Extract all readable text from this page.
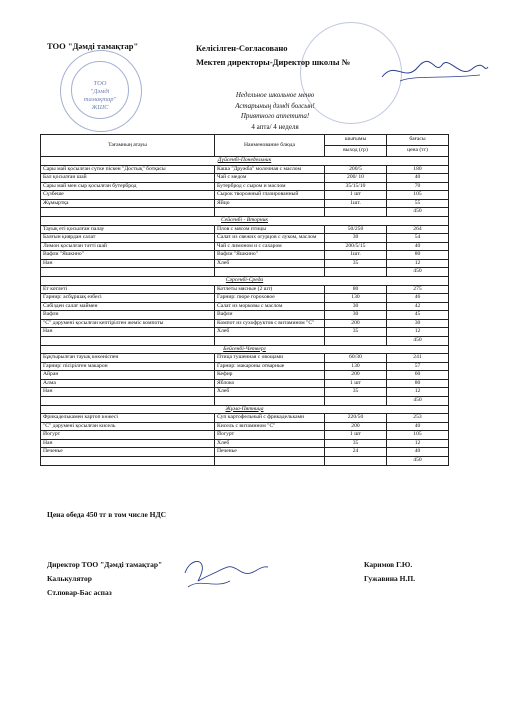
ТОО
"Дәмді
тамақтар"
ЖШС
ТОО "Дәмді тамақтар"	Келісілген-Согласовано
Мектеп директоры-Директор школы №
Недельное школьное меню
Астарының дәмді болсын!
Приятного аппетита!
4 апта/ 4 неделя
Тағамның атауы	Наименование блюда	шығымы	бағасы
		выход (гр)	цена (тг)
Дүйсенбі-Понедельник			
Сары май қосылған сүтке піскен "Достық" ботқасы	Каша "Дружба" молочная с маслом	200/5	180
Бал қосылған шай	Чай с медом	200/ 10	40
Сары май мен сыр қосылған бутерброд	Бутерброд с сыром и маслом	35/15/10	70
Сүзбеше	Сырок творожный глазированный	1 шт	105
Жұмыртқа	Яйцо	1шт.	55
			450
Сейсенбі - Вторник			
Тауық етi қосылған палау	Плов с мясом птицы	50/250	264
Балғын қиярдан салат	Салат из свежих огурцов с луком, маслом	30	54
Лимон қосылған тәтті шай	Чай с лимоном и с сахаром	200/5/15	40
Вафли "Яшкино"	Вафли "Яшкино"	1шт.	80
Нан	Хлеб	35	12
			450
Сәрсенбі-Среда			
Ет котлеті	Котлеты мясные (2 шт)	80	275
Гарнир: асбұршақ езбесі	Гарнир: пюре гороховое	130	46
Сәбізден салат маймен	Салат из морковы с маслом	30	42
Вафли	Вафли	30	45
"С" дәрумені қосылған кептірілген жеміс компоты	Компот из сухофруктов с витамином "С"	200	30
Нан	Хлеб	35	12
			450
Бейсенбі-Четверг			
Бұқтырылған тауық көкөніспен	Птица тушенная с овощами	60/30	241
Гарнир: пісірілген макарон	Гарнир: макароны отварные	130	57
Айран	Кефир	200	60
Алма	Яблоко	1 шт	80
Нан	Хлеб	35	12
			450
Жұма-Пятница			
Фрикаделькамен картоп көжесі	Суп картофельный с фрикадельками	220/50	253
"С" дәрумені қосылған кисель	Кисель с витамином "С"	200	40
Йогурт	Йогурт	1 шт	105
Нан	Хлеб	35	12
Печенье	Печенье	24	40
			450
Цена обеда 450 тг в том числе НДС
Директор ТОО "Дәмді тамақтар"	Каримов Г.Ю.
Калькулятор	Гужавина Н.П.
Ст.повар-Бас аспаз
